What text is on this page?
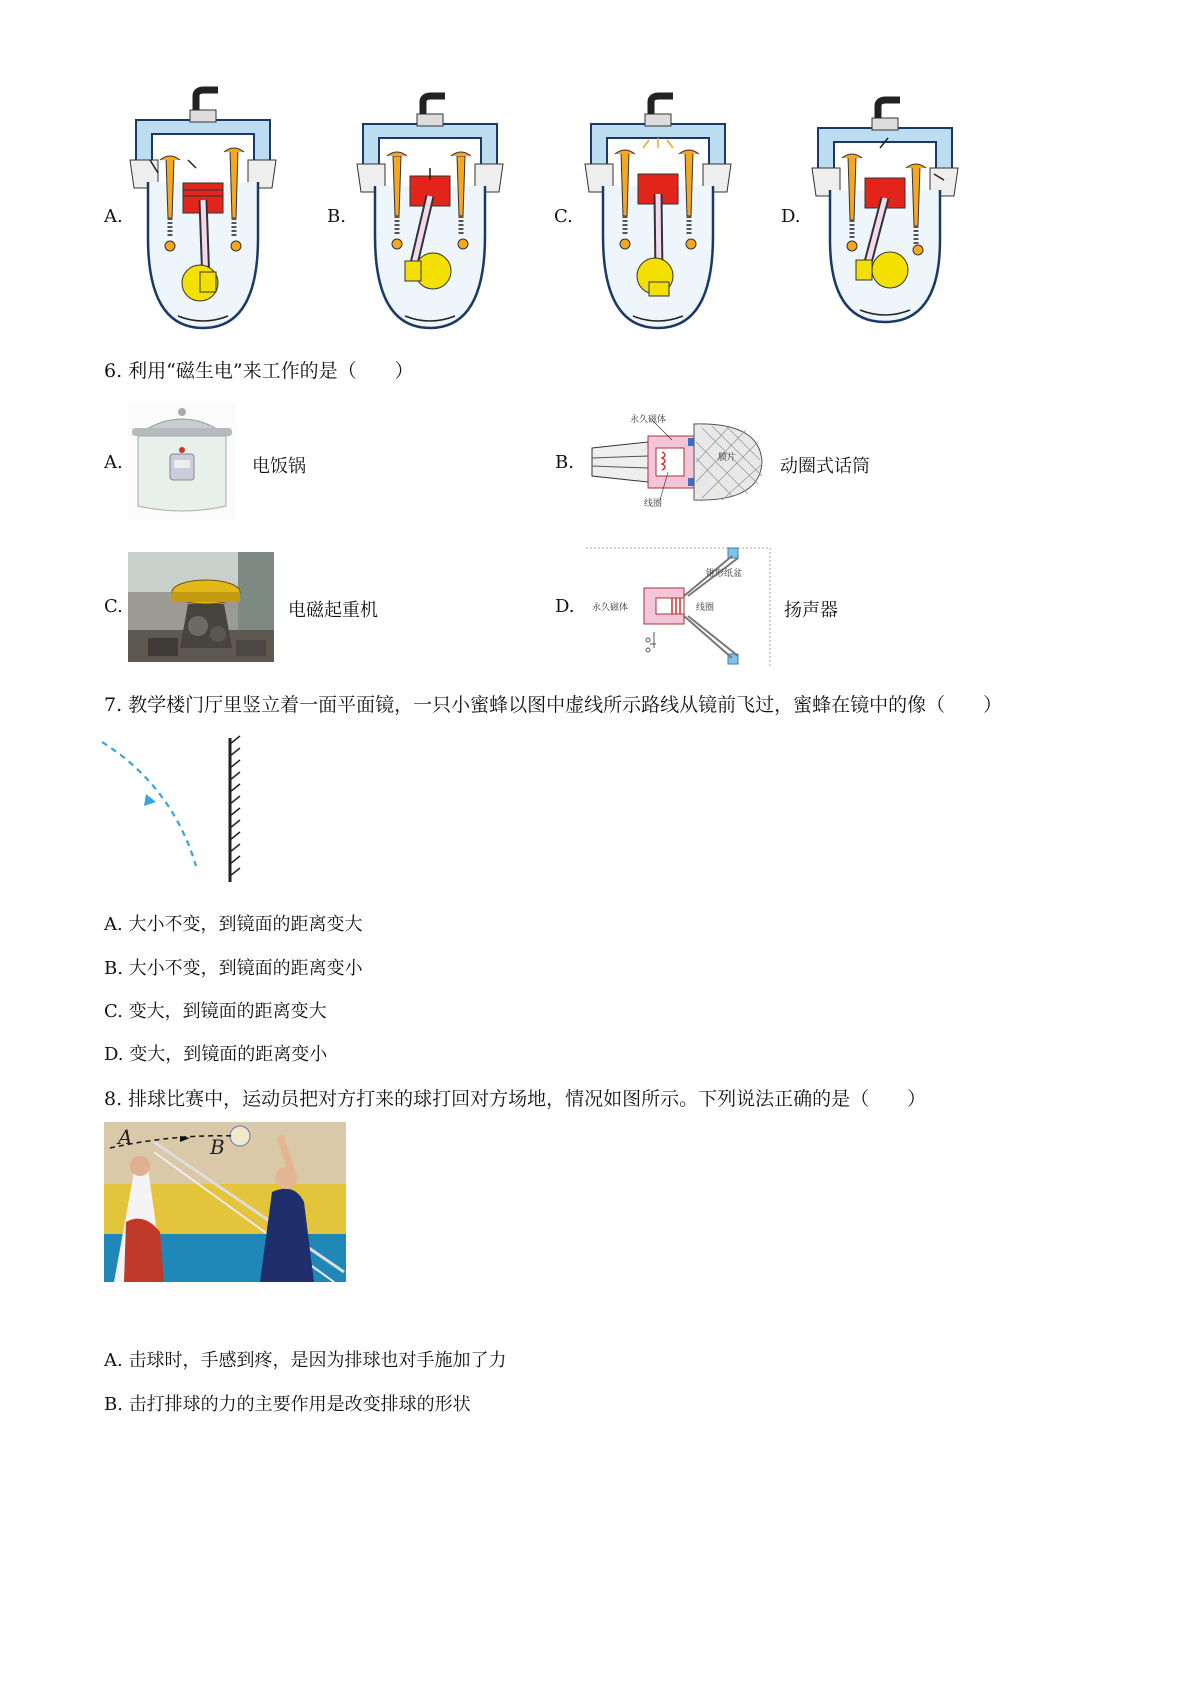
A.	B.	C.	D.
6. 利用“磁生电”来工作的是（　　）
A.	电饭锅	B.
永久磁体
膜片
线圈
动圈式话筒
C.	电磁起重机	D. 永久磁体
锥形纸盆
线圈	扬声器
7. 教学楼门厅里竖立着一面平面镜，一只小蜜蜂以图中虚线所示路线从镜前飞过，蜜蜂在镜中的像（　　）
A. 大小不变，到镜面的距离变大
B. 大小不变，到镜面的距离变小
C. 变大，到镜面的距离变大
D. 变大，到镜面的距离变小
8. 排球比赛中，运动员把对方打来的球打回对方场地，情况如图所示。下列说法正确的是（　　）
A	B
A. 击球时，手感到疼，是因为排球也对手施加了力
B. 击打排球的力的主要作用是改变排球的形状
